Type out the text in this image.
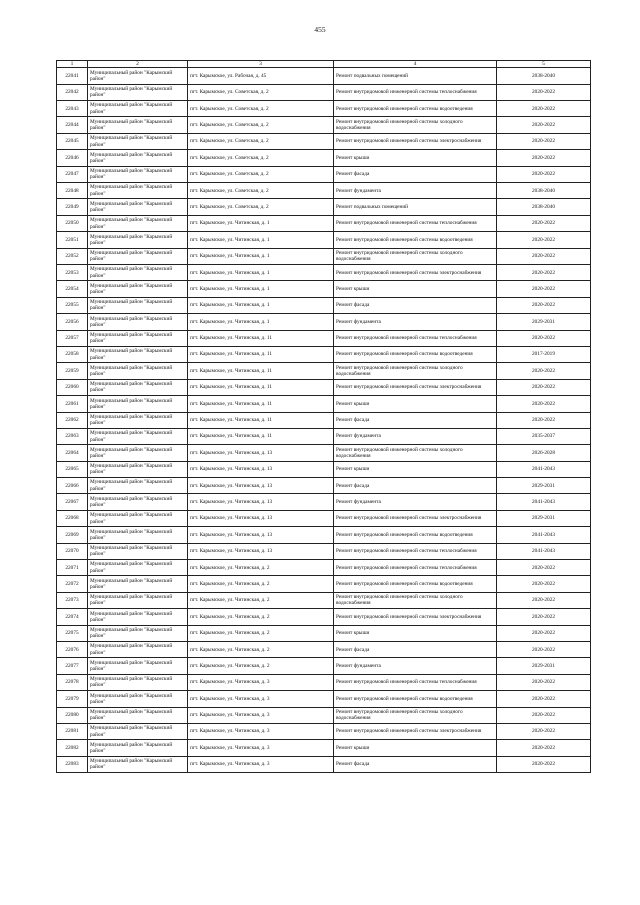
455
1	2	3	4	5
22041	Муниципальный район "Карымский район"	пгт. Карымское, ул. Рабочая, д. 45	Ремонт подвальных помещений	2038-2040
22042	Муниципальный район "Карымский район"	пгт. Карымское, ул. Советская, д. 2	Ремонт внутридомовой инженерной системы теплоснабжения	2020-2022
22043	Муниципальный район "Карымский район"	пгт. Карымское, ул. Советская, д. 2	Ремонт внутридомовой инженерной системы водоотведения	2020-2022
22044	Муниципальный район "Карымский район"	пгт. Карымское, ул. Советская, д. 2	Ремонт внутридомовой инженерной системы холодного водоснабжения	2020-2022
22045	Муниципальный район "Карымский район"	пгт. Карымское, ул. Советская, д. 2	Ремонт внутридомовой инженерной системы электроснабжения	2020-2022
22046	Муниципальный район "Карымский район"	пгт. Карымское, ул. Советская, д. 2	Ремонт крыши	2020-2022
22047	Муниципальный район "Карымский район"	пгт. Карымское, ул. Советская, д. 2	Ремонт фасада	2020-2022
22048	Муниципальный район "Карымский район"	пгт. Карымское, ул. Советская, д. 2	Ремонт фундамента	2038-2040
22049	Муниципальный район "Карымский район"	пгт. Карымское, ул. Советская, д. 2	Ремонт подвальных помещений	2038-2040
22050	Муниципальный район "Карымский район"	пгт. Карымское, ул. Читинская, д. 1	Ремонт внутридомовой инженерной системы теплоснабжения	2020-2022
22051	Муниципальный район "Карымский район"	пгт. Карымское, ул. Читинская, д. 1	Ремонт внутридомовой инженерной системы водоотведения	2020-2022
22052	Муниципальный район "Карымский район"	пгт. Карымское, ул. Читинская, д. 1	Ремонт внутридомовой инженерной системы холодного водоснабжения	2020-2022
22053	Муниципальный район "Карымский район"	пгт. Карымское, ул. Читинская, д. 1	Ремонт внутридомовой инженерной системы электроснабжения	2020-2022
22054	Муниципальный район "Карымский район"	пгт. Карымское, ул. Читинская, д. 1	Ремонт крыши	2020-2022
22055	Муниципальный район "Карымский район"	пгт. Карымское, ул. Читинская, д. 1	Ремонт фасада	2020-2022
22056	Муниципальный район "Карымский район"	пгт. Карымское, ул. Читинская, д. 1	Ремонт фундамента	2029-2031
22057	Муниципальный район "Карымский район"	пгт. Карымское, ул. Читинская, д. 11	Ремонт внутридомовой инженерной системы теплоснабжения	2020-2022
22058	Муниципальный район "Карымский район"	пгт. Карымское, ул. Читинская, д. 11	Ремонт внутридомовой инженерной системы водоотведения	2017-2019
22059	Муниципальный район "Карымский район"	пгт. Карымское, ул. Читинская, д. 11	Ремонт внутридомовой инженерной системы холодного водоснабжения	2020-2022
22060	Муниципальный район "Карымский район"	пгт. Карымское, ул. Читинская, д. 11	Ремонт внутридомовой инженерной системы электроснабжения	2020-2022
22061	Муниципальный район "Карымский район"	пгт. Карымское, ул. Читинская, д. 11	Ремонт крыши	2020-2022
22062	Муниципальный район "Карымский район"	пгт. Карымское, ул. Читинская, д. 11	Ремонт фасада	2020-2022
22063	Муниципальный район "Карымский район"	пгт. Карымское, ул. Читинская, д. 11	Ремонт фундамента	2035-2037
22064	Муниципальный район "Карымский район"	пгт. Карымское, ул. Читинская, д. 13	Ремонт внутридомовой инженерной системы холодного водоснабжения	2026-2028
22065	Муниципальный район "Карымский район"	пгт. Карымское, ул. Читинская, д. 13	Ремонт крыши	2041-2043
22066	Муниципальный район "Карымский район"	пгт. Карымское, ул. Читинская, д. 13	Ремонт фасада	2029-2031
22067	Муниципальный район "Карымский район"	пгт. Карымское, ул. Читинская, д. 13	Ремонт фундамента	2041-2043
22068	Муниципальный район "Карымский район"	пгт. Карымское, ул. Читинская, д. 13	Ремонт внутридомовой инженерной системы электроснабжения	2029-2031
22069	Муниципальный район "Карымский район"	пгт. Карымское, ул. Читинская, д. 13	Ремонт внутридомовой инженерной системы водоотведения	2041-2043
22070	Муниципальный район "Карымский район"	пгт. Карымское, ул. Читинская, д. 13	Ремонт внутридомовой инженерной системы теплоснабжения	2041-2043
22071	Муниципальный район "Карымский район"	пгт. Карымское, ул. Читинская, д. 2	Ремонт внутридомовой инженерной системы теплоснабжения	2020-2022
22072	Муниципальный район "Карымский район"	пгт. Карымское, ул. Читинская, д. 2	Ремонт внутридомовой инженерной системы водоотведения	2020-2022
22073	Муниципальный район "Карымский район"	пгт. Карымское, ул. Читинская, д. 2	Ремонт внутридомовой инженерной системы холодного водоснабжения	2020-2022
22074	Муниципальный район "Карымский район"	пгт. Карымское, ул. Читинская, д. 2	Ремонт внутридомовой инженерной системы электроснабжения	2020-2022
22075	Муниципальный район "Карымский район"	пгт. Карымское, ул. Читинская, д. 2	Ремонт крыши	2020-2022
22076	Муниципальный район "Карымский район"	пгт. Карымское, ул. Читинская, д. 2	Ремонт фасада	2020-2022
22077	Муниципальный район "Карымский район"	пгт. Карымское, ул. Читинская, д. 2	Ремонт фундамента	2029-2031
22078	Муниципальный район "Карымский район"	пгт. Карымское, ул. Читинская, д. 3	Ремонт внутридомовой инженерной системы теплоснабжения	2020-2022
22079	Муниципальный район "Карымский район"	пгт. Карымское, ул. Читинская, д. 3	Ремонт внутридомовой инженерной системы водоотведения	2020-2022
22080	Муниципальный район "Карымский район"	пгт. Карымское, ул. Читинская, д. 3	Ремонт внутридомовой инженерной системы холодного водоснабжения	2020-2022
22081	Муниципальный район "Карымский район"	пгт. Карымское, ул. Читинская, д. 3	Ремонт внутридомовой инженерной системы электроснабжения	2020-2022
22082	Муниципальный район "Карымский район"	пгт. Карымское, ул. Читинская, д. 3	Ремонт крыши	2020-2022
22083	Муниципальный район "Карымский район"	пгт. Карымское, ул. Читинская, д. 3	Ремонт фасада	2020-2022
